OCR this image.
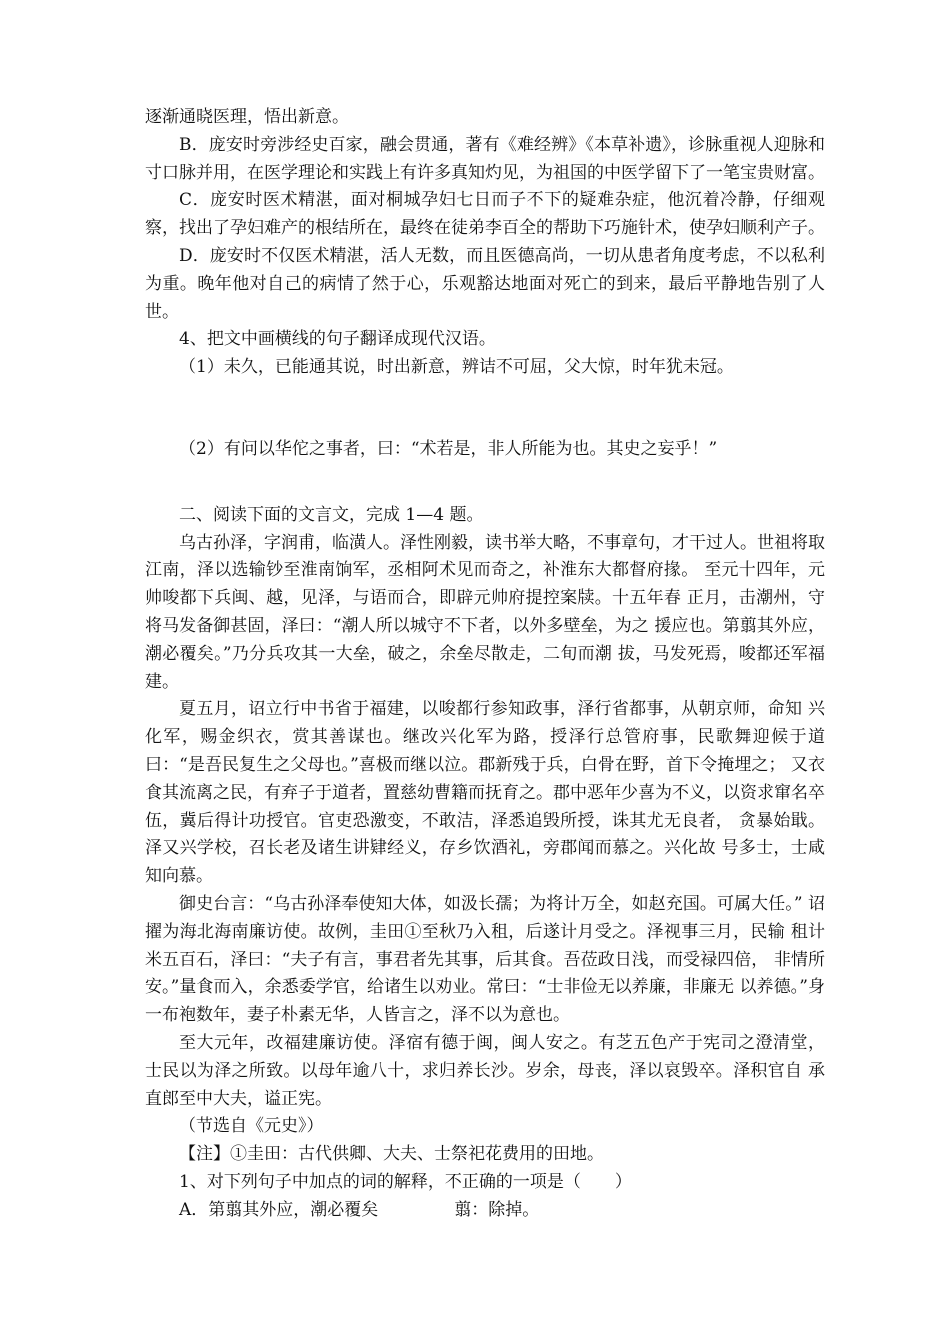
逐渐通晓医理，悟出新意。

B．庞安时旁涉经史百家，融会贯通，著有《难经辨》《本草补遗》，诊脉重视人迎脉和寸口脉并用，在医学理论和实践上有许多真知灼见，为祖国的中医学留下了一笔宝贵财富。

C．庞安时医术精湛，面对桐城孕妇七日而子不下的疑难杂症，他沉着冷静，仔细观察，找出了孕妇难产的根结所在，最终在徒弟李百全的帮助下巧施针术，使孕妇顺利产子。

D．庞安时不仅医术精湛，活人无数，而且医德高尚，一切从患者角度考虑，不以私利为重。晚年他对自己的病情了然于心，乐观豁达地面对死亡的到来，最后平静地告别了人世。

4、把文中画横线的句子翻译成现代汉语。

（1）未久，已能通其说，时出新意，辨诘不可屈，父大惊，时年犹未冠。

（2）有问以华佗之事者，曰：“术若是，非人所能为也。其史之妄乎！”

二、阅读下面的文言文，完成 1—4 题。

乌古孙泽，字润甫，临潢人。泽性刚毅，读书举大略，不事章句，才干过人。世祖将取江南，泽以选输钞至淮南饷军，丞相阿术见而奇之，补淮东大都督府掾。 至元十四年，元帅唆都下兵闽、越，见泽，与语而合，即辟元帅府提控案牍。十五年春 正月，击潮州，守将马发备御甚固，泽曰：“潮人所以城守不下者，以外多壁垒，为之 援应也。第翦其外应，潮必覆矣。”乃分兵攻其一大垒，破之，余垒尽散走，二旬而潮 拔，马发死焉，唆都还军福建。

夏五月，诏立行中书省于福建，以唆都行参知政事，泽行省都事，从朝京师，命知 兴化军，赐金织衣，赏其善谋也。继改兴化军为路，授泽行总管府事，民歌舞迎候于道 曰：“是吾民复生之父母也。”喜极而继以泣。郡新残于兵，白骨在野，首下令掩埋之； 又衣食其流离之民，有弃子于道者，置慈幼曹籍而抚育之。郡中恶年少喜为不义，以资求窜名卒伍，冀后得计功授官。官吏恐激变，不敢洁，泽悉追毁所授，诛其尤无良者， 贪暴始戢。泽又兴学校，召长老及诸生讲肄经义，存乡饮酒礼，旁郡闻而慕之。兴化故 号多士，士咸知向慕。

御史台言：“乌古孙泽奉使知大体，如汲长孺；为将计万全，如赵充国。可属大任。” 诏擢为海北海南廉访使。故例，圭田①至秋乃入租，后遂计月受之。泽视事三月，民输 租计米五百石，泽曰：“夫子有言，事君者先其事，后其食。吾莅政日浅，而受禄四倍， 非情所安。”量食而入，余悉委学官，给诸生以劝业。常曰：“士非俭无以养廉，非廉无 以养德。”身一布袍数年，妻子朴素无华，人皆言之，泽不以为意也。

至大元年，改福建廉访使。泽宿有德于闽，闽人安之。有芝五色产于宪司之澄清堂， 士民以为泽之所致。以母年逾八十，求归养长沙。岁余，母丧，泽以哀毁卒。泽积官自 承直郎至中大夫，谥正宪。

（节选自《元史》）

【注】①圭田：古代供卿、大夫、士祭祀花费用的田地。

1、对下列句子中加点的词的解释，不正确的一项是（　　）

A．第翦其外应，潮必覆矣	翦：除掉。
